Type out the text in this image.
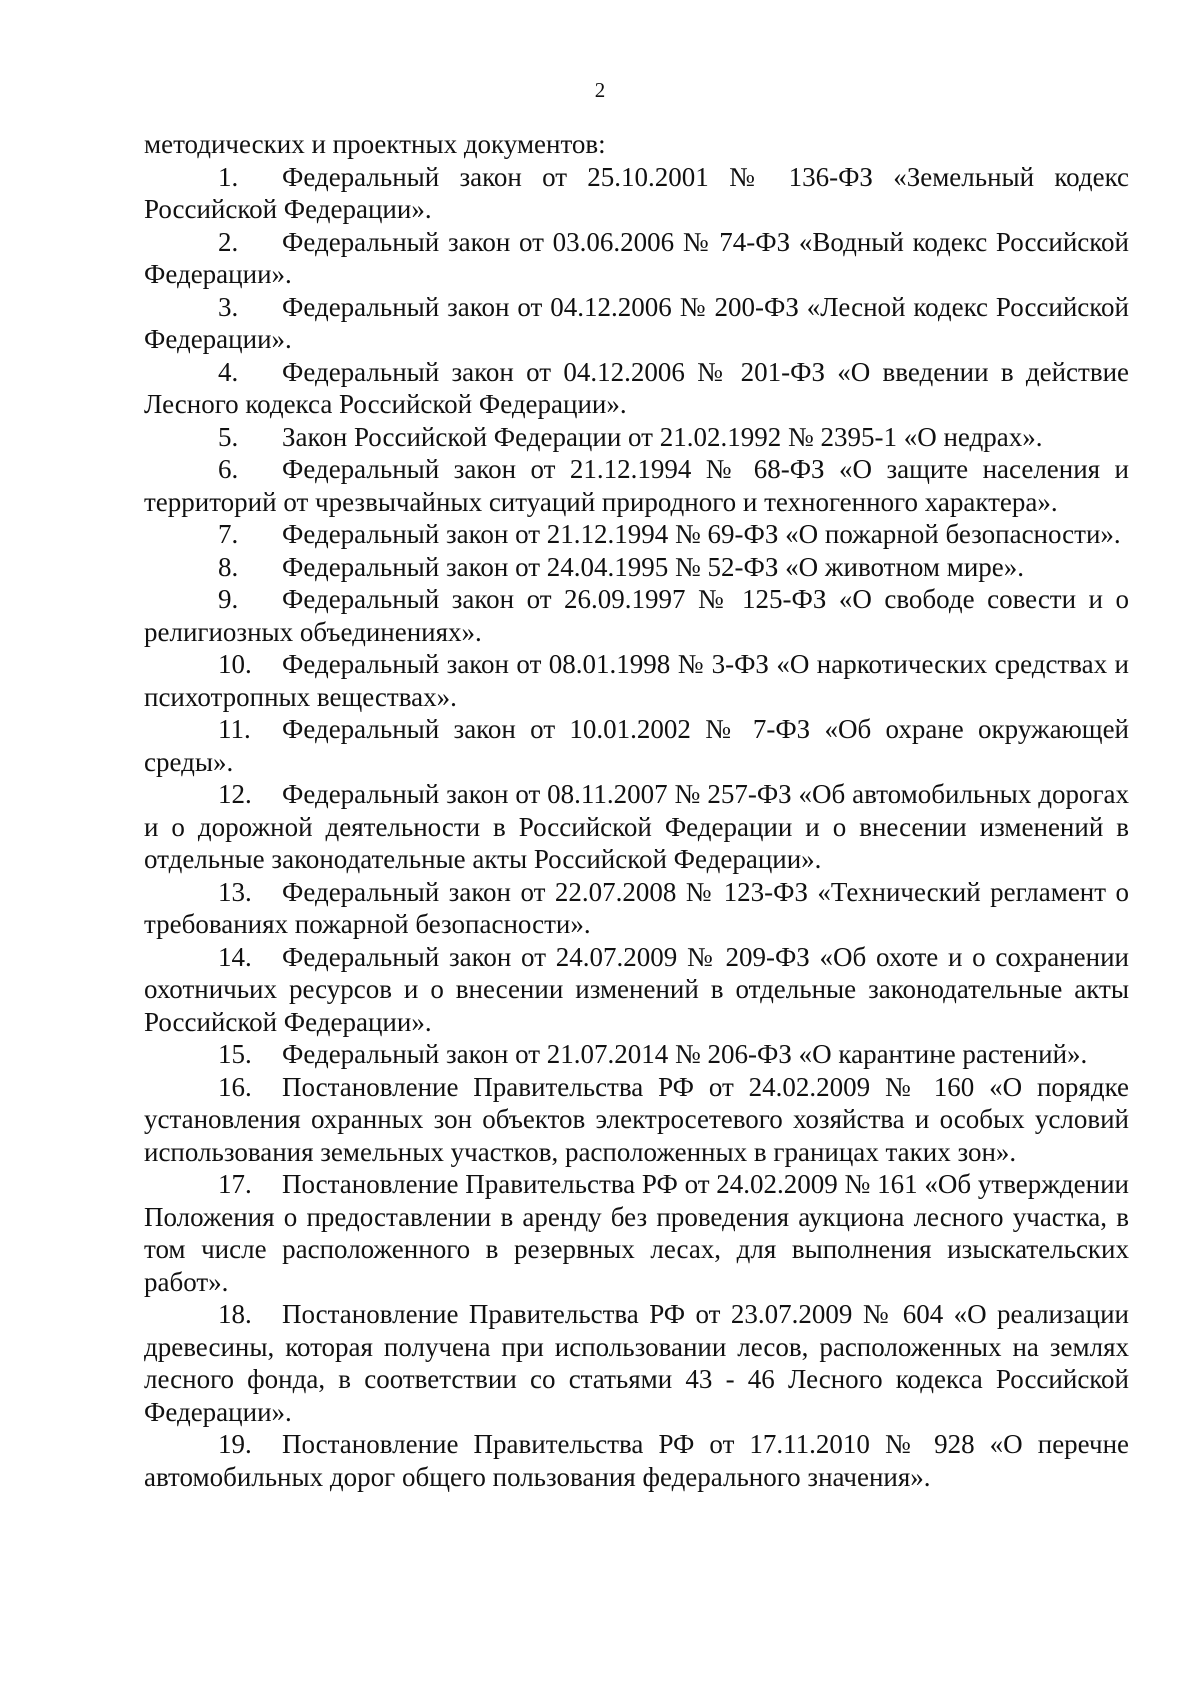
2

методических и проектных документов:

1. Федеральный закон от 25.10.2001 № 136-ФЗ «Земельный кодекс Российской Федерации».

2. Федеральный закон от 03.06.2006 № 74-ФЗ «Водный кодекс Российской Федерации».

3. Федеральный закон от 04.12.2006 № 200-ФЗ «Лесной кодекс Российской Федерации».

4. Федеральный закон от 04.12.2006 № 201-ФЗ «О введении в действие Лесного кодекса Российской Федерации».

5. Закон Российской Федерации от 21.02.1992 № 2395-1 «О недрах».

6. Федеральный закон от 21.12.1994 № 68-ФЗ «О защите населения и территорий от чрезвычайных ситуаций природного и техногенного характера».

7. Федеральный закон от 21.12.1994 № 69-ФЗ «О пожарной безопасности».

8. Федеральный закон от 24.04.1995 № 52-ФЗ «О животном мире».

9. Федеральный закон от 26.09.1997 № 125-ФЗ «О свободе совести и о религиозных объединениях».

10. Федеральный закон от 08.01.1998 № 3-ФЗ «О наркотических средствах и психотропных веществах».

11. Федеральный закон от 10.01.2002 № 7-ФЗ «Об охране окружающей среды».

12. Федеральный закон от 08.11.2007 № 257-ФЗ «Об автомобильных дорогах и о дорожной деятельности в Российской Федерации и о внесении изменений в отдельные законодательные акты Российской Федерации».

13. Федеральный закон от 22.07.2008 № 123-ФЗ «Технический регламент о требованиях пожарной безопасности».

14. Федеральный закон от 24.07.2009 № 209-ФЗ «Об охоте и о сохранении охотничьих ресурсов и о внесении изменений в отдельные законодательные акты Российской Федерации».

15. Федеральный закон от 21.07.2014 № 206-ФЗ «О карантине растений».

16. Постановление Правительства РФ от 24.02.2009 № 160 «О порядке установления охранных зон объектов электросетевого хозяйства и особых условий использования земельных участков, расположенных в границах таких зон».

17. Постановление Правительства РФ от 24.02.2009 № 161 «Об утверждении Положения о предоставлении в аренду без проведения аукциона лесного участка, в том числе расположенного в резервных лесах, для выполнения изыскательских работ».

18. Постановление Правительства РФ от 23.07.2009 № 604 «О реализации древесины, которая получена при использовании лесов, расположенных на землях лесного фонда, в соответствии со статьями 43 - 46 Лесного кодекса Российской Федерации».

19. Постановление Правительства РФ от 17.11.2010 № 928 «О перечне автомобильных дорог общего пользования федерального значения».
